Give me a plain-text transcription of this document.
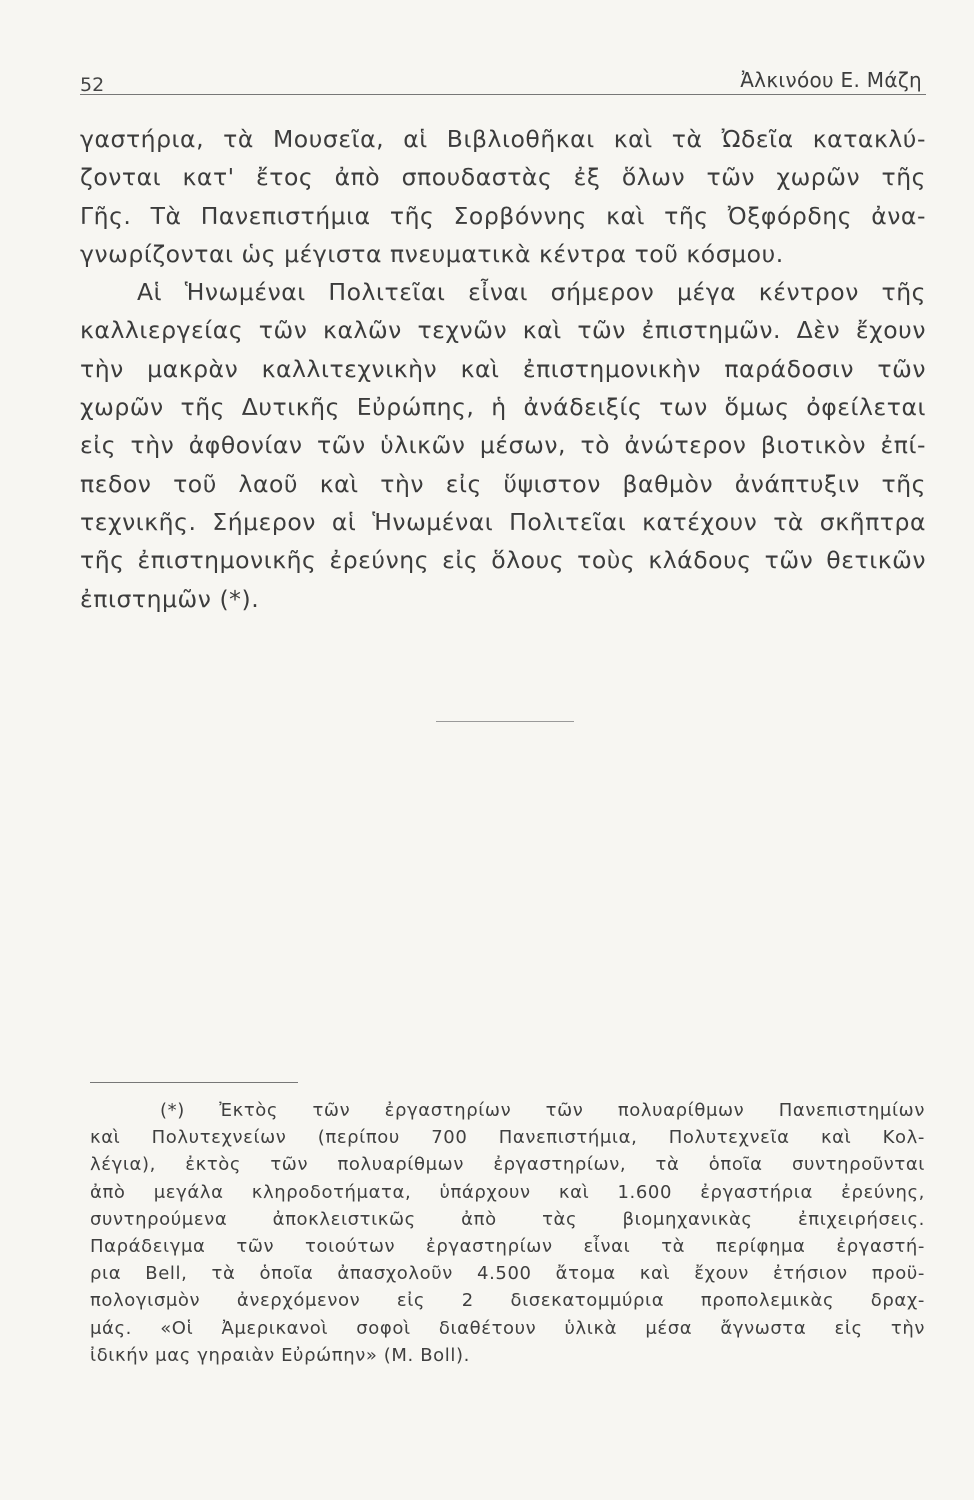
52	Ἀλκινόου Ε. Μάζη
γαστήρια, τὰ Μουσεῖα, αἱ Βιβλιοθῆκαι καὶ τὰ Ὠδεῖα κατακλύ-
ζονται κατ' ἔτος ἀπὸ σπουδαστὰς ἐξ ὅλων τῶν χωρῶν τῆς
Γῆς. Τὰ Πανεπιστήμια τῆς Σορβόννης καὶ τῆς Ὀξφόρδης ἀνα-
γνωρίζονται ὡς μέγιστα πνευματικὰ κέντρα τοῦ κόσμου.
Αἱ Ἡνωμέναι Πολιτεῖαι εἶναι σήμερον μέγα κέντρον τῆς
καλλιεργείας τῶν καλῶν τεχνῶν καὶ τῶν ἐπιστημῶν. Δὲν ἔχουν
τὴν μακρὰν καλλιτεχνικὴν καὶ ἐπιστημονικὴν παράδοσιν τῶν
χωρῶν τῆς Δυτικῆς Εὐρώπης, ἡ ἀνάδειξίς των ὅμως ὀφείλεται
εἰς τὴν ἀφθονίαν τῶν ὑλικῶν μέσων, τὸ ἀνώτερον βιοτικὸν ἐπί-
πεδον τοῦ λαοῦ καὶ τὴν εἰς ὕψιστον βαθμὸν ἀνάπτυξιν τῆς
τεχνικῆς. Σήμερον αἱ Ἡνωμέναι Πολιτεῖαι κατέχουν τὰ σκῆπτρα
τῆς ἐπιστημονικῆς ἐρεύνης εἰς ὅλους τοὺς κλάδους τῶν θετικῶν
ἐπιστημῶν (*).
(*) Ἐκτὸς τῶν ἐργαστηρίων τῶν πολυαρίθμων Πανεπιστημίων
καὶ Πολυτεχνείων (περίπου 700 Πανεπιστήμια, Πολυτεχνεῖα καὶ Κολ-
λέγια), ἐκτὸς τῶν πολυαρίθμων ἐργαστηρίων, τὰ ὁποῖα συντηροῦνται
ἀπὸ μεγάλα κληροδοτήματα, ὑπάρχουν καὶ 1.600 ἐργαστήρια ἐρεύνης,
συντηρούμενα ἀποκλειστικῶς ἀπὸ τὰς βιομηχανικὰς ἐπιχειρήσεις.
Παράδειγμα τῶν τοιούτων ἐργαστηρίων εἶναι τὰ περίφημα ἐργαστή-
ρια Bell, τὰ ὁποῖα ἀπασχολοῦν 4.500 ἄτομα καὶ ἔχουν ἐτήσιον προϋ-
πολογισμὸν ἀνερχόμενον εἰς 2 δισεκατομμύρια προπολεμικὰς δραχ-
μάς. «Οἱ Ἀμερικανοὶ σοφοὶ διαθέτουν ὑλικὰ μέσα ἄγνωστα εἰς τὴν
ἰδικήν μας γηραιὰν Εὐρώπην» (M. Boll).
